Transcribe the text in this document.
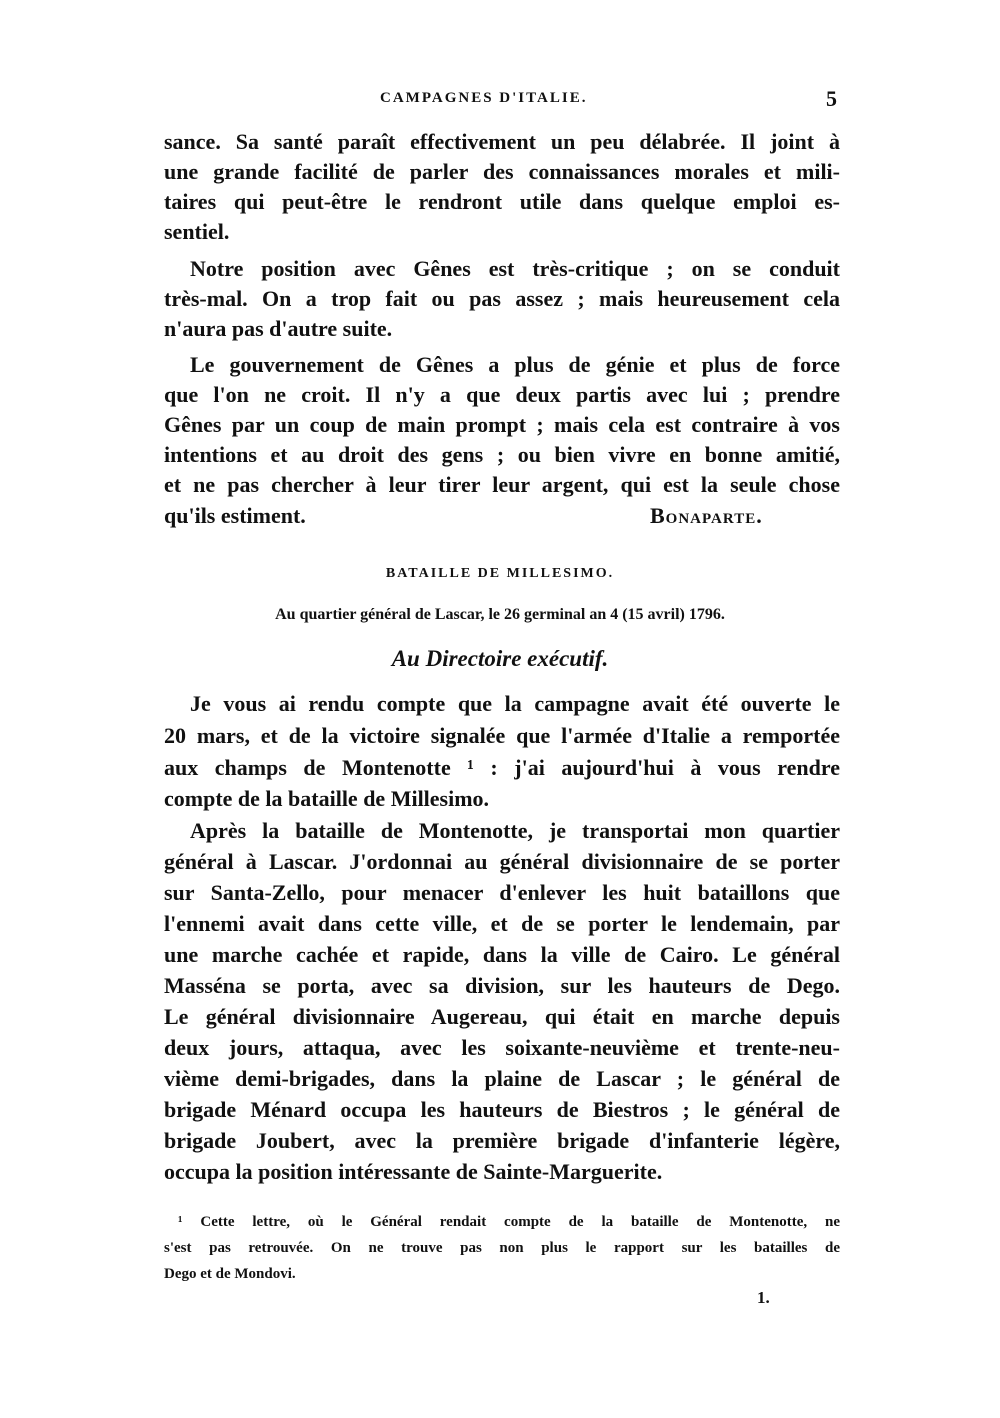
CAMPAGNES D'ITALIE.	5
sance. Sa santé paraît effectivement un peu délabrée. Il joint à
une grande facilité de parler des connaissances morales et mili-
taires qui peut-être le rendront utile dans quelque emploi es-
sentiel.
Notre position avec Gênes est très-critique ; on se conduit
très-mal. On a trop fait ou pas assez ; mais heureusement cela
n'aura pas d'autre suite.
Le gouvernement de Gênes a plus de génie et plus de force
que l'on ne croit. Il n'y a que deux partis avec lui ; prendre
Gênes par un coup de main prompt ; mais cela est contraire à vos
intentions et au droit des gens ; ou bien vivre en bonne amitié,
et ne pas chercher à leur tirer leur argent, qui est la seule chose
qu'ils estiment.	Bonaparte.
BATAILLE DE MILLESIMO.
Au quartier général de Lascar, le 26 germinal an 4 (15 avril) 1796.
Au Directoire exécutif.
Je vous ai rendu compte que la campagne avait été ouverte le
20 mars, et de la victoire signalée que l'armée d'Italie a remportée
aux champs de Montenotte ¹ : j'ai aujourd'hui à vous rendre
compte de la bataille de Millesimo.
Après la bataille de Montenotte, je transportai mon quartier
général à Lascar. J'ordonnai au général divisionnaire de se porter
sur Santa-Zello, pour menacer d'enlever les huit bataillons que
l'ennemi avait dans cette ville, et de se porter le lendemain, par
une marche cachée et rapide, dans la ville de Cairo. Le général
Masséna se porta, avec sa division, sur les hauteurs de Dego.
Le général divisionnaire Augereau, qui était en marche depuis
deux jours, attaqua, avec les soixante-neuvième et trente-neu-
vième demi-brigades, dans la plaine de Lascar ; le général de
brigade Ménard occupa les hauteurs de Biestros ; le général de
brigade Joubert, avec la première brigade d'infanterie légère,
occupa la position intéressante de Sainte-Marguerite.
¹ Cette lettre, où le Général rendait compte de la bataille de Montenotte, ne
s'est pas retrouvée. On ne trouve pas non plus le rapport sur les batailles de
Dego et de Mondovi.
1.
